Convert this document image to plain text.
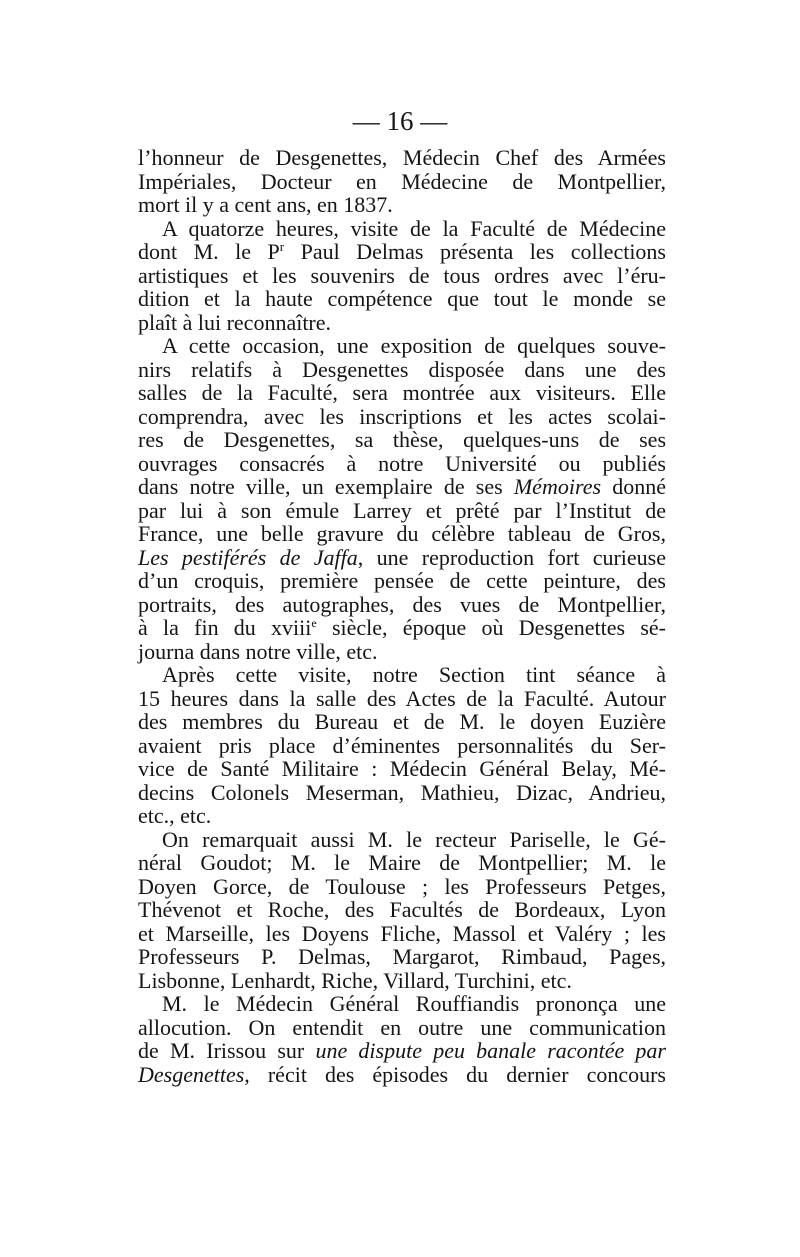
— 16 —
l’honneur de Desgenettes, Médecin Chef des Armées
Impériales, Docteur en Médecine de Montpellier,
mort il y a cent ans, en 1837.
A quatorze heures, visite de la Faculté de Médecine
dont M. le $P^r$ Paul Delmas présenta les collections
artistiques et les souvenirs de tous ordres avec l’éru-
dition et la haute compétence que tout le monde se
plaît à lui reconnaître.
A cette occasion, une exposition de quelques souve-
nirs relatifs à Desgenettes disposée dans une des
salles de la Faculté, sera montrée aux visiteurs. Elle
comprendra, avec les inscriptions et les actes scolai-
res de Desgenettes, sa thèse, quelques-uns de ses
ouvrages consacrés à notre Université ou publiés
dans notre ville, un exemplaire de ses Mémoires donné
par lui à son émule Larrey et prêté par l’Institut de
France, une belle gravure du célèbre tableau de Gros,
Les pestiférés de Jaffa, une reproduction fort curieuse
d’un croquis, première pensée de cette peinture, des
portraits, des autographes, des vues de Montpellier,
à la fin du xviii$^e$ siècle, époque où Desgenettes sé-
journa dans notre ville, etc.
Après cette visite, notre Section tint séance à
15 heures dans la salle des Actes de la Faculté. Autour
des membres du Bureau et de M. le doyen Euzière
avaient pris place d’éminentes personnalités du Ser-
vice de Santé Militaire : Médecin Général Belay, Mé-
decins Colonels Meserman, Mathieu, Dizac, Andrieu,
etc., etc.
On remarquait aussi M. le recteur Pariselle, le Gé-
néral Goudot; M. le Maire de Montpellier; M. le
Doyen Gorce, de Toulouse ; les Professeurs Petges,
Thévenot et Roche, des Facultés de Bordeaux, Lyon
et Marseille, les Doyens Fliche, Massol et Valéry ; les
Professeurs P. Delmas, Margarot, Rimbaud, Pages,
Lisbonne, Lenhardt, Riche, Villard, Turchini, etc.
M. le Médecin Général Rouffiandis prononça une
allocution. On entendit en outre une communication
de M. Irissou sur une dispute peu banale racontée par
Desgenettes, récit des épisodes du dernier concours
